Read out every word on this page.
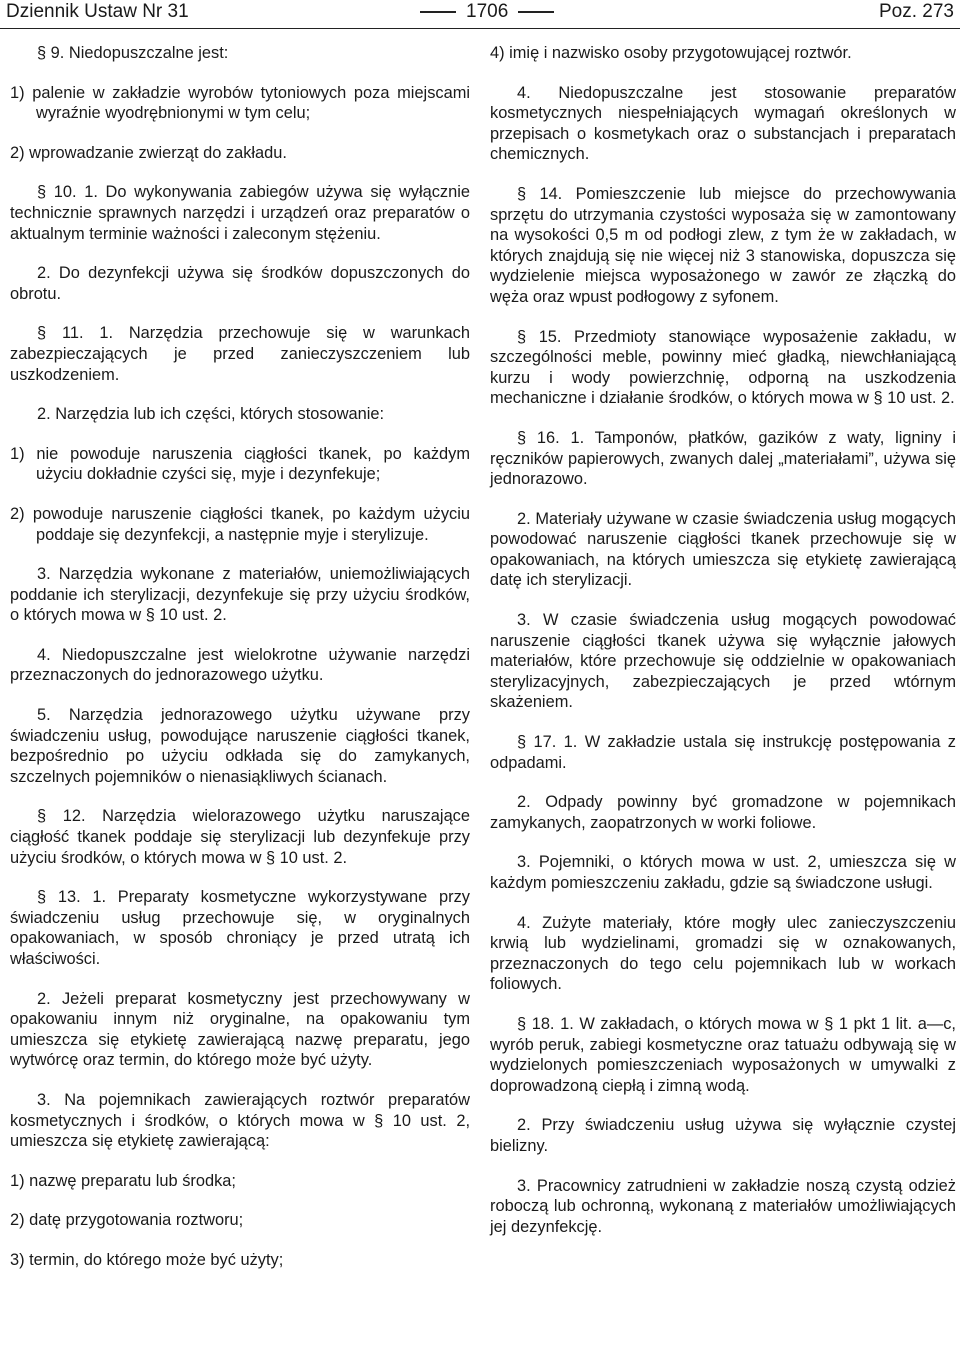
Dziennik Ustaw Nr 31	1706	Poz. 273

§ 9. Niedopuszczalne jest:

1) palenie w zakładzie wyrobów tytoniowych poza miejscami wyraźnie wyodrębnionymi w tym celu;

2) wprowadzanie zwierząt do zakładu.

§ 10. 1. Do wykonywania zabiegów używa się wyłącznie technicznie sprawnych narzędzi i urządzeń oraz preparatów o aktualnym terminie ważności i zaleconym stężeniu.

2. Do dezynfekcji używa się środków dopuszczonych do obrotu.

§ 11. 1. Narzędzia przechowuje się w warunkach zabezpieczających je przed zanieczyszczeniem lub uszkodzeniem.

2. Narzędzia lub ich części, których stosowanie:

1) nie powoduje naruszenia ciągłości tkanek, po każdym użyciu dokładnie czyści się, myje i dezynfekuje;

2) powoduje naruszenie ciągłości tkanek, po każdym użyciu poddaje się dezynfekcji, a następnie myje i sterylizuje.

3. Narzędzia wykonane z materiałów, uniemożliwiających poddanie ich sterylizacji, dezynfekuje się przy użyciu środków, o których mowa w § 10 ust. 2.

4. Niedopuszczalne jest wielokrotne używanie narzędzi przeznaczonych do jednorazowego użytku.

5. Narzędzia jednorazowego użytku używane przy świadczeniu usług, powodujące naruszenie ciągłości tkanek, bezpośrednio po użyciu odkłada się do zamykanych, szczelnych pojemników o nienasiąkliwych ścianach.

§ 12. Narzędzia wielorazowego użytku naruszające ciągłość tkanek poddaje się sterylizacji lub dezynfekuje przy użyciu środków, o których mowa w § 10 ust. 2.

§ 13. 1. Preparaty kosmetyczne wykorzystywane przy świadczeniu usług przechowuje się, w oryginalnych opakowaniach, w sposób chroniący je przed utratą ich właściwości.

2. Jeżeli preparat kosmetyczny jest przechowywany w opakowaniu innym niż oryginalne, na opakowaniu tym umieszcza się etykietę zawierającą nazwę preparatu, jego wytwórcę oraz termin, do którego może być użyty.

3. Na pojemnikach zawierających roztwór preparatów kosmetycznych i środków, o których mowa w § 10 ust. 2, umieszcza się etykietę zawierającą:

1) nazwę preparatu lub środka;

2) datę przygotowania roztworu;

3) termin, do którego może być użyty;

4) imię i nazwisko osoby przygotowującej roztwór.

4. Niedopuszczalne jest stosowanie preparatów kosmetycznych niespełniających wymagań określonych w przepisach o kosmetykach oraz o substancjach i preparatach chemicznych.

§ 14. Pomieszczenie lub miejsce do przechowywania sprzętu do utrzymania czystości wyposaża się w zamontowany na wysokości 0,5 m od podłogi zlew, z tym że w zakładach, w których znajdują się nie więcej niż 3 stanowiska, dopuszcza się wydzielenie miejsca wyposażonego w zawór ze złączką do węża oraz wpust podłogowy z syfonem.

§ 15. Przedmioty stanowiące wyposażenie zakładu, w szczególności meble, powinny mieć gładką, niewchłaniającą kurzu i wody powierzchnię, odporną na uszkodzenia mechaniczne i działanie środków, o których mowa w § 10 ust. 2.

§ 16. 1. Tamponów, płatków, gazików z waty, ligniny i ręczników papierowych, zwanych dalej „materiałami”, używa się jednorazowo.

2. Materiały używane w czasie świadczenia usług mogących powodować naruszenie ciągłości tkanek przechowuje się w opakowaniach, na których umieszcza się etykietę zawierającą datę ich sterylizacji.

3. W czasie świadczenia usług mogących powodować naruszenie ciągłości tkanek używa się wyłącznie jałowych materiałów, które przechowuje się oddzielnie w opakowaniach sterylizacyjnych, zabezpieczających je przed wtórnym skażeniem.

§ 17. 1. W zakładzie ustala się instrukcję postępowania z odpadami.

2. Odpady powinny być gromadzone w pojemnikach zamykanych, zaopatrzonych w worki foliowe.

3. Pojemniki, o których mowa w ust. 2, umieszcza się w każdym pomieszczeniu zakładu, gdzie są świadczone usługi.

4. Zużyte materiały, które mogły ulec zanieczyszczeniu krwią lub wydzielinami, gromadzi się w oznakowanych, przeznaczonych do tego celu pojemnikach lub w workach foliowych.

§ 18. 1. W zakładach, o których mowa w § 1 pkt 1 lit. a—c, wyrób peruk, zabiegi kosmetyczne oraz tatuażu odbywają się w wydzielonych pomieszczeniach wyposażonych w umywalki z doprowadzoną ciepłą i zimną wodą.

2. Przy świadczeniu usług używa się wyłącznie czystej bielizny.

3. Pracownicy zatrudnieni w zakładzie noszą czystą odzież roboczą lub ochronną, wykonaną z materiałów umożliwiających jej dezynfekcję.
